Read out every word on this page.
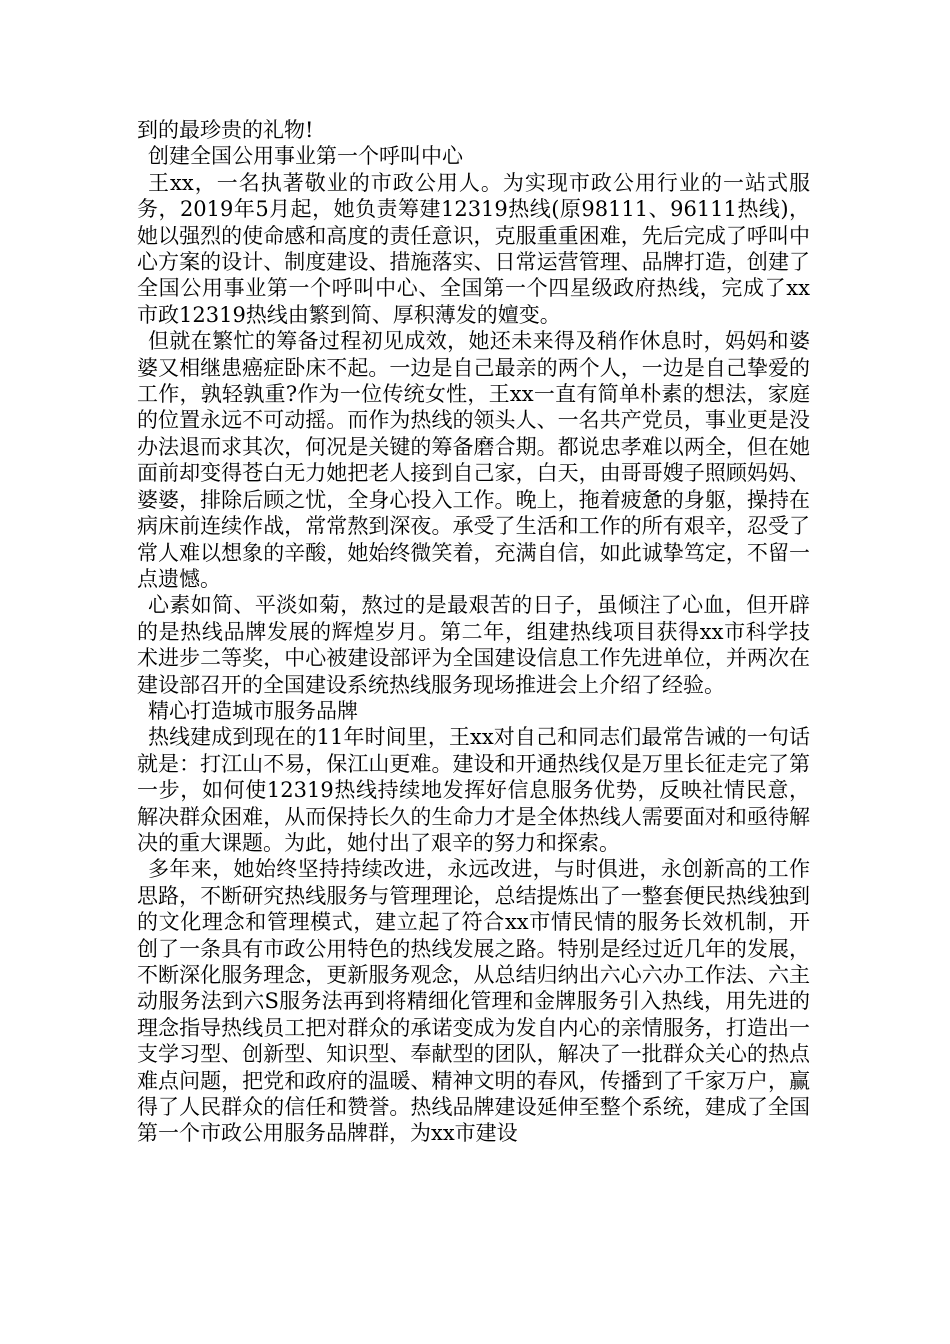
到的最珍贵的礼物!

创建全国公用事业第一个呼叫中心

王xx，一名执著敬业的市政公用人。为实现市政公用行业的一站式服务，2019年5月起，她负责筹建12319热线(原98111、96111热线)，她以强烈的使命感和高度的责任意识，克服重重困难，先后完成了呼叫中心方案的设计、制度建设、措施落实、日常运营管理、品牌打造，创建了全国公用事业第一个呼叫中心、全国第一个四星级政府热线，完成了xx市政12319热线由繁到简、厚积薄发的嬗变。

但就在繁忙的筹备过程初见成效，她还未来得及稍作休息时，妈妈和婆婆又相继患癌症卧床不起。一边是自己最亲的两个人，一边是自己挚爱的工作，孰轻孰重?作为一位传统女性，王xx一直有简单朴素的想法，家庭的位置永远不可动摇。而作为热线的领头人、一名共产党员，事业更是没办法退而求其次，何况是关键的筹备磨合期。都说忠孝难以两全，但在她面前却变得苍白无力她把老人接到自己家，白天，由哥哥嫂子照顾妈妈、婆婆，排除后顾之忧，全身心投入工作。晚上，拖着疲惫的身躯，操持在病床前连续作战，常常熬到深夜。承受了生活和工作的所有艰辛，忍受了常人难以想象的辛酸，她始终微笑着，充满自信，如此诚挚笃定，不留一点遗憾。

心素如简、平淡如菊，熬过的是最艰苦的日子，虽倾注了心血，但开辟的是热线品牌发展的辉煌岁月。第二年，组建热线项目获得xx市科学技术进步二等奖，中心被建设部评为全国建设信息工作先进单位，并两次在建设部召开的全国建设系统热线服务现场推进会上介绍了经验。

精心打造城市服务品牌

热线建成到现在的11年时间里，王xx对自己和同志们最常告诫的一句话就是：打江山不易，保江山更难。建设和开通热线仅是万里长征走完了第一步，如何使12319热线持续地发挥好信息服务优势，反映社情民意，解决群众困难，从而保持长久的生命力才是全体热线人需要面对和亟待解决的重大课题。为此，她付出了艰辛的努力和探索。

多年来，她始终坚持持续改进，永远改进，与时俱进，永创新高的工作思路，不断研究热线服务与管理理论，总结提炼出了一整套便民热线独到的文化理念和管理模式，建立起了符合xx市情民情的服务长效机制，开创了一条具有市政公用特色的热线发展之路。特别是经过近几年的发展，不断深化服务理念，更新服务观念，从总结归纳出六心六办工作法、六主动服务法到六S服务法再到将精细化管理和金牌服务引入热线，用先进的理念指导热线员工把对群众的承诺变成为发自内心的亲情服务，打造出一支学习型、创新型、知识型、奉献型的团队，解决了一批群众关心的热点难点问题，把党和政府的温暖、精神文明的春风，传播到了千家万户，赢得了人民群众的信任和赞誉。热线品牌建设延伸至整个系统，建成了全国第一个市政公用服务品牌群，为xx市建设
